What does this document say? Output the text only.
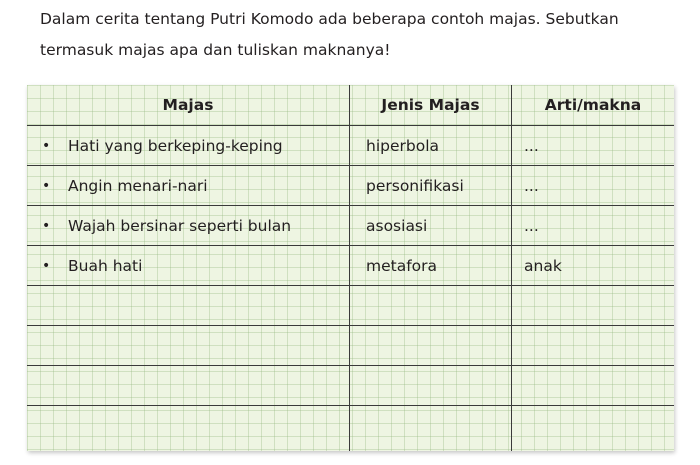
Dalam cerita tentang Putri Komodo ada beberapa contoh majas. Sebutkan
termasuk majas apa dan tuliskan maknanya!
Majas	Jenis Majas	Arti/makna
•	Hati yang berkeping-keping	hiperbola	...
•	Angin menari-nari	personifikasi	...
•	Wajah bersinar seperti bulan	asosiasi	...
•	Buah hati	metafora	anak
